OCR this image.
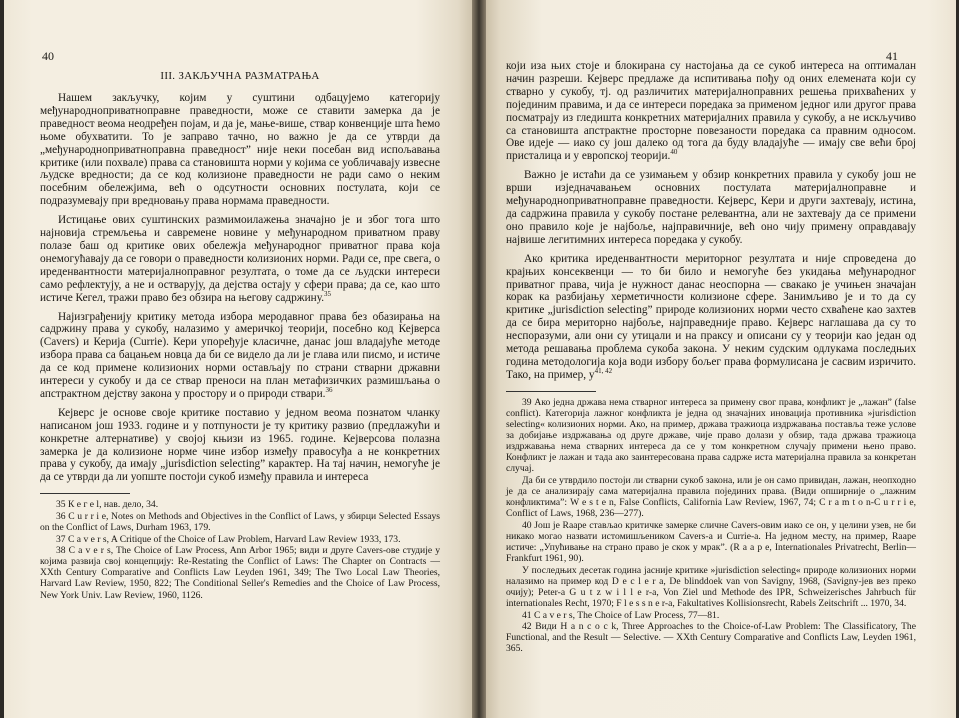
40
III. ЗАКЉУЧНА РАЗМАТРАЊА

Нашем закључку, којим у суштини одбацујемо категорију међународноприватноправне праведности, може се ставити замерка да је праведност веома неодређен појам, и да је, мање-више, ствар конвенције шта ћемо њоме обухватити. То је заправо тачно, но важно је да се утврди да „међународноприватноправна праведност” није неки посебан вид испољавања критике (или похвале) права са становишта норми у којима се уобличавају извесне људске вредности; да се код колизионе праведности не ради само о неким посебним обележјима, већ о одсутности основних постулата, који се подразумевају при вредновању права нормама праведности.

Истицање ових суштинских размимоилажења значајно је и због тога што најновија стремљења и савремене новине у међународном приватном праву полазе баш од критике ових обележја међународног приватног права која онемогућавају да се говори о праведности колизионих норми. Ради се, пре свега, о иреденвантности материјалноправног резултата, о томе да се људски интереси само рефлектују, а не и остварују, да дејства остају у сфери права; да се, као што истиче Кегел, тражи право без обзира на његову садржину.$^{35}$

Најизграђенију критику метода избора меродавног права без обазирања на садржину права у сукобу, налазимо у америчкој теорији, посебно код Кејверса (Cavers) и Керија (Currie). Кери упоређује класичне, данас још владајуће методе избора права са бацањем новца да би се видело да ли је глава или писмо, и истиче да се код примене колизионих норми остављају по страни стварни државни интереси у сукобу и да се ствар преноси на план метафизичких размишљања о апстрактном дејству закона у простору и о природи ствари.$^{36}$

Кејверс је основе своје критике поставио у једном веома познатом чланку написаном још 1933. године и у потпуности је ту критику развио (предлажући и конкретне алтернативе) у својој књизи из 1965. године. Кејверсова полазна замерка је да колизионе норме чине избор између правосуђа а не конкретних права у сукобу, да имају „jurisdiction selecting” карактер. На тај начин, немогуће је да се утврди да ли уопште постоји сукоб између правила и интереса

35 К е г е l, нав. дело, 34.

36 C u r r i e, Notes on Methods and Objectives in the Conflict of Laws, у збирци Selected Essays on the Conflict of Laws, Durham 1963, 179.

37 C a v e r s, A Critique of the Choice of Law Problem, Harvard Law Review 1933, 173.

38 C a v e r s, The Choice of Law Process, Ann Arbor 1965; види и друге Cavers-ове студије у којима развија свој концепцију: Re-Restating the Conflict of Laws: The Chapter on Contracts — XXth Century Comparative and Conflicts Law Leyden 1961, 349; The Two Local Law Theories, Harvard Law Review, 1950, 822; The Conditional Seller's Remedies and the Choice of Law Process, New York Univ. Law Review, 1960, 1126.

41

који иза њих стоје и блокирана су настојања да се сукоб интереса на оптималан начин разреши. Кејверс предлаже да испитивања пођу од оних елемената који су стварно у сукобу, тј. од различитих материјалноправних решења прихваћених у појединим правима, и да се интереси поредака за применом једног или другог права посматрају из гледишта конкретних материјалних правила у сукобу, а не искључиво са становишта апстрактне просторне повезаности поредака са правним односом. Ове идеје — иако су још далеко од тога да буду владајуће — имају све већи број присталица и у европској теорији.$^{40}$

Важно је истаћи да се узимањем у обзир конкретних правила у сукобу још не врши изједначавањем основних постулата материјалноправне и међународноприватноправне праведности. Кејверс, Кери и други захтевају, истина, да садржина правила у сукобу постане релевантна, али не захтевају да се примени оно правило које је најбоље, најправичније, већ оно чију примену оправдавају највише легитимних интереса поредака у сукобу.

Ако критика иреденвантности мериторног резултата и није спроведена до крајњих консеквенци — то би било и немогуће без укидања међународног приватног права, чија је нужност данас неоспорна — свакако је учињен значајан корак ка разбијању херметичности колизионе сфере. Занимљиво је и то да су критике „jurisdiction selecting” природе колизионих норми често схваћене као захтев да се бира мериторно најбоље, најправедније право. Кејверс наглашава да су то неспоразуми, али они су утицали и на праксу и описани су у теорији као један од метода решавања проблема сукоба закона. У неким судским одлукама последњих година методологија која води избору бољег права формулисана је сасвим изричито. Тако, на пример, $у^{41, 42}$

39 Ако једна држава нема стварног интереса за примену свог права, конфликт је „лажан” (false conflict). Категорија лажног конфликта је једна од значајних иновација противника »jurisdiction selecting« колизионих норми. Ако, на пример, држава тражиоца издржавања поставља теже услове за добијање издржавања од друге државе, чије право долази у обзир, тада држава тражиоца издржавања нема стварних интереса да се у том конкретном случају примени њено право. Конфликт је лажан и тада ако заинтересована права садрже иста материјална правила за конкретан случај.

Да би се утврдило постоји ли стварни сукоб закона, или је он само привидан, лажан, неопходно је да се анализирају сама материјална правила појединих права. (Види опширније о „лажним конфликтима”: W e s t e n, False Conflicts, California Law Review, 1967, 74; C r a m t o n-C u r r i e, Conflict of Laws, 1968, 236—277).

40 Још је Raape стављао критичке замерке сличне Cavers-овим иако се он, у целини узев, не би никако могао назвати истомишљеником Cavers-а и Currie-а. На једном месту, на пример, Raape истиче: „Упућивање на страно право је скок у мрак”. (R a a p e, Internationales Privatrecht, Berlin—Frankfurt 1961, 90).

У последњих десетак година јасније критике »jurisdiction selecting« природе колизионих норми налазимо на пример код D e c l e r a, De blinddoek van von Savigny, 1968, (Savigny-јев вез преко очију); Peter-а G u t z w i l l e r-а, Von Ziel und Methode des IPR, Schweizerisches Jahrbuch für internationales Recht, 1970; F l e s s n e r-а, Fakultatives Kollisionsrecht, Rabels Zeitschrift ... 1970, 34.

41 C a v e r s, The Choice of Law Process, 77—81.

42 Види H a n c o c k, Three Approaches to the Choice-of-Law Problem: The Classificatory, The Functional, and the Result — Selective. — XXth Century Comparative and Conflicts Law, Leyden 1961, 365.
